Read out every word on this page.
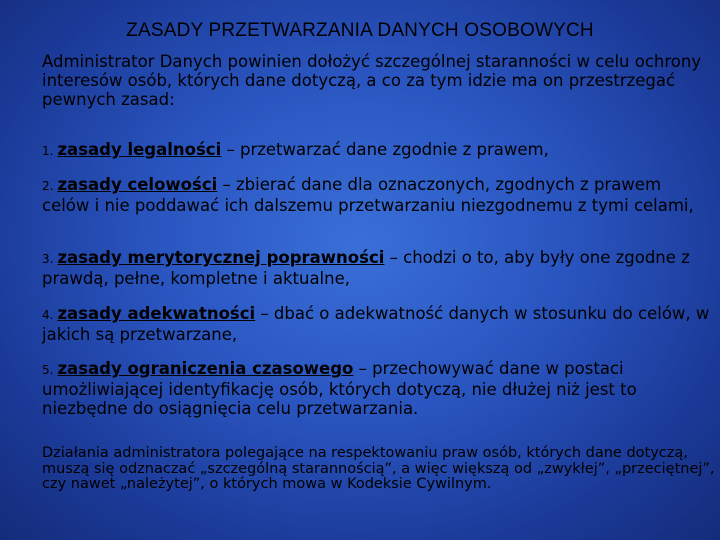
ZASADY PRZETWARZANIA DANYCH OSOBOWYCH
Administrator Danych powinien dołożyć szczególnej staranności w celu ochrony interesów osób, których dane dotyczą, a co za tym idzie ma on przestrzegać pewnych zasad:
1. zasady legalności – przetwarzać dane zgodnie z prawem,
2. zasady celowości – zbierać dane dla oznaczonych, zgodnych z prawem celów i nie poddawać ich dalszemu przetwarzaniu niezgodnemu z tymi celami,
3. zasady merytorycznej poprawności – chodzi o to, aby były one zgodne z prawdą, pełne, kompletne i aktualne,
4. zasady adekwatności – dbać o adekwatność danych w stosunku do celów, w jakich są przetwarzane,
5. zasady ograniczenia czasowego – przechowywać dane w postaci umożliwiającej identyfikację osób, których dotyczą, nie dłużej niż jest to niezbędne do osiągnięcia celu przetwarzania.
Działania administratora polegające na respektowaniu praw osób, których dane dotyczą, muszą się odznaczać „szczególną starannością”, a więc większą od „zwykłej”, „przeciętnej”, czy nawet „należytej”, o których mowa w Kodeksie Cywilnym.
